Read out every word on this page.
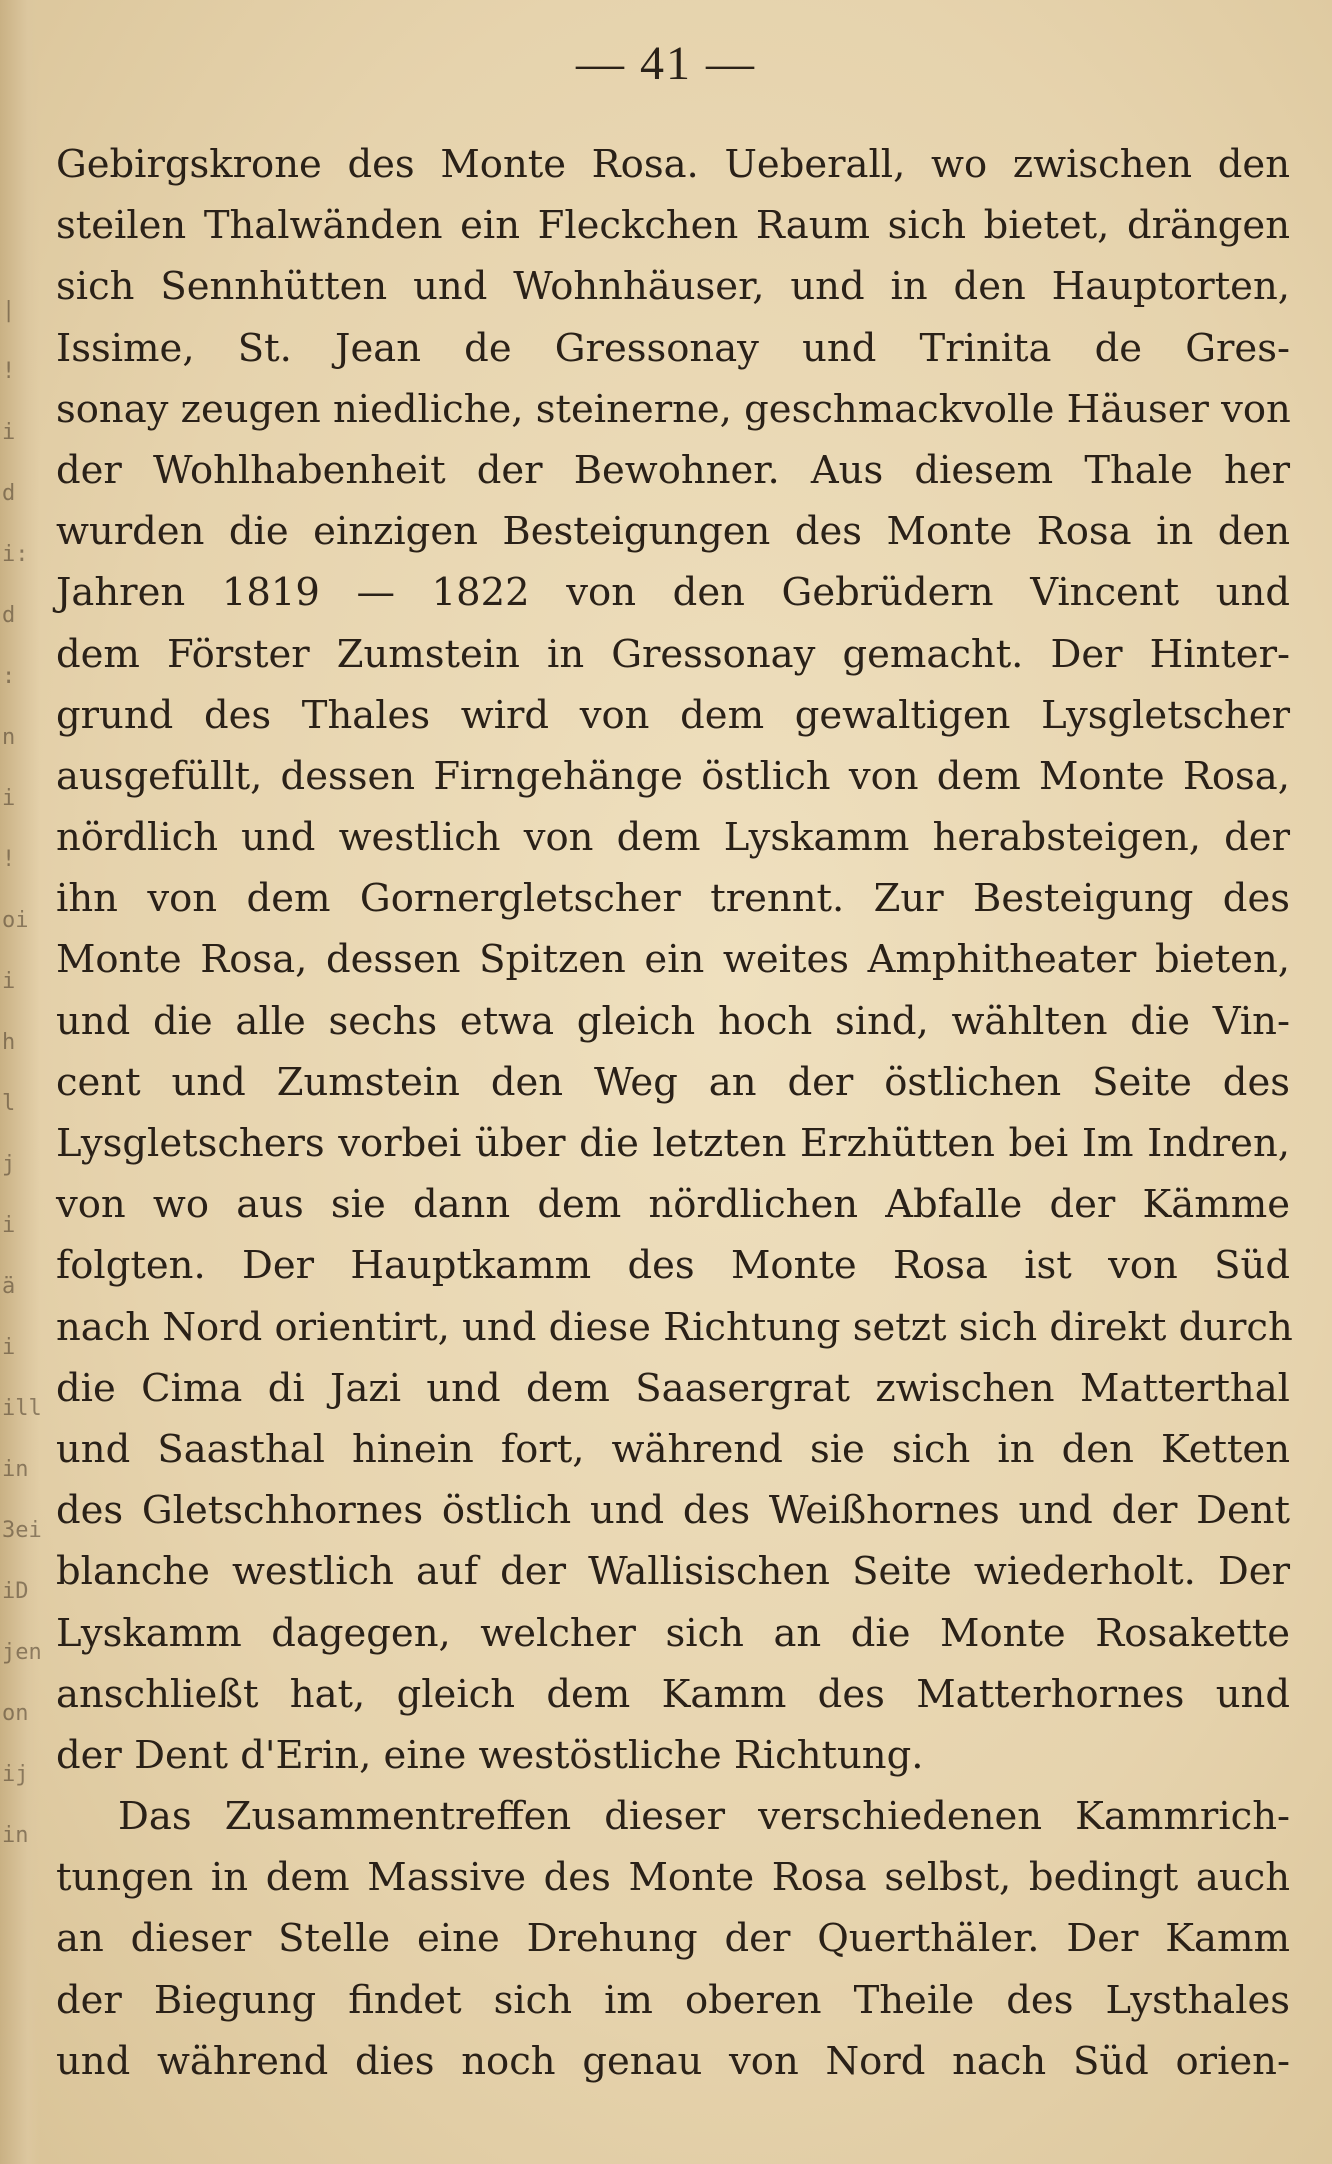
|
!
i
d
i:
d
:
n
i
!
oi
i
h
l
j
i
ä
i
ill
in
3ei
iD
jen
on
ij
in
— 41 —
Gebirgskrone des Monte Rosa. Ueberall, wo zwischen den
steilen Thalwänden ein Fleckchen Raum sich bietet, drängen
sich Sennhütten und Wohnhäuser, und in den Hauptorten,
Issime, St. Jean de Gressonay und Trinita de Gres-
sonay zeugen niedliche, steinerne, geschmackvolle Häuser von
der Wohlhabenheit der Bewohner. Aus diesem Thale her
wurden die einzigen Besteigungen des Monte Rosa in den
Jahren 1819 — 1822 von den Gebrüdern Vincent und
dem Förster Zumstein in Gressonay gemacht. Der Hinter-
grund des Thales wird von dem gewaltigen Lysgletscher
ausgefüllt, dessen Firngehänge östlich von dem Monte Rosa,
nördlich und westlich von dem Lyskamm herabsteigen, der
ihn von dem Gornergletscher trennt. Zur Besteigung des
Monte Rosa, dessen Spitzen ein weites Amphitheater bieten,
und die alle sechs etwa gleich hoch sind, wählten die Vin-
cent und Zumstein den Weg an der östlichen Seite des
Lysgletschers vorbei über die letzten Erzhütten bei Im Indren,
von wo aus sie dann dem nördlichen Abfalle der Kämme
folgten. Der Hauptkamm des Monte Rosa ist von Süd
nach Nord orientirt, und diese Richtung setzt sich direkt durch
die Cima di Jazi und dem Saasergrat zwischen Matterthal
und Saasthal hinein fort, während sie sich in den Ketten
des Gletschhornes östlich und des Weißhornes und der Dent
blanche westlich auf der Wallisischen Seite wiederholt. Der
Lyskamm dagegen, welcher sich an die Monte Rosakette
anschließt hat, gleich dem Kamm des Matterhornes und
der Dent d'Erin, eine westöstliche Richtung.
Das Zusammentreffen dieser verschiedenen Kammrich-
tungen in dem Massive des Monte Rosa selbst, bedingt auch
an dieser Stelle eine Drehung der Querthäler. Der Kamm
der Biegung findet sich im oberen Theile des Lysthales
und während dies noch genau von Nord nach Süd orien-
